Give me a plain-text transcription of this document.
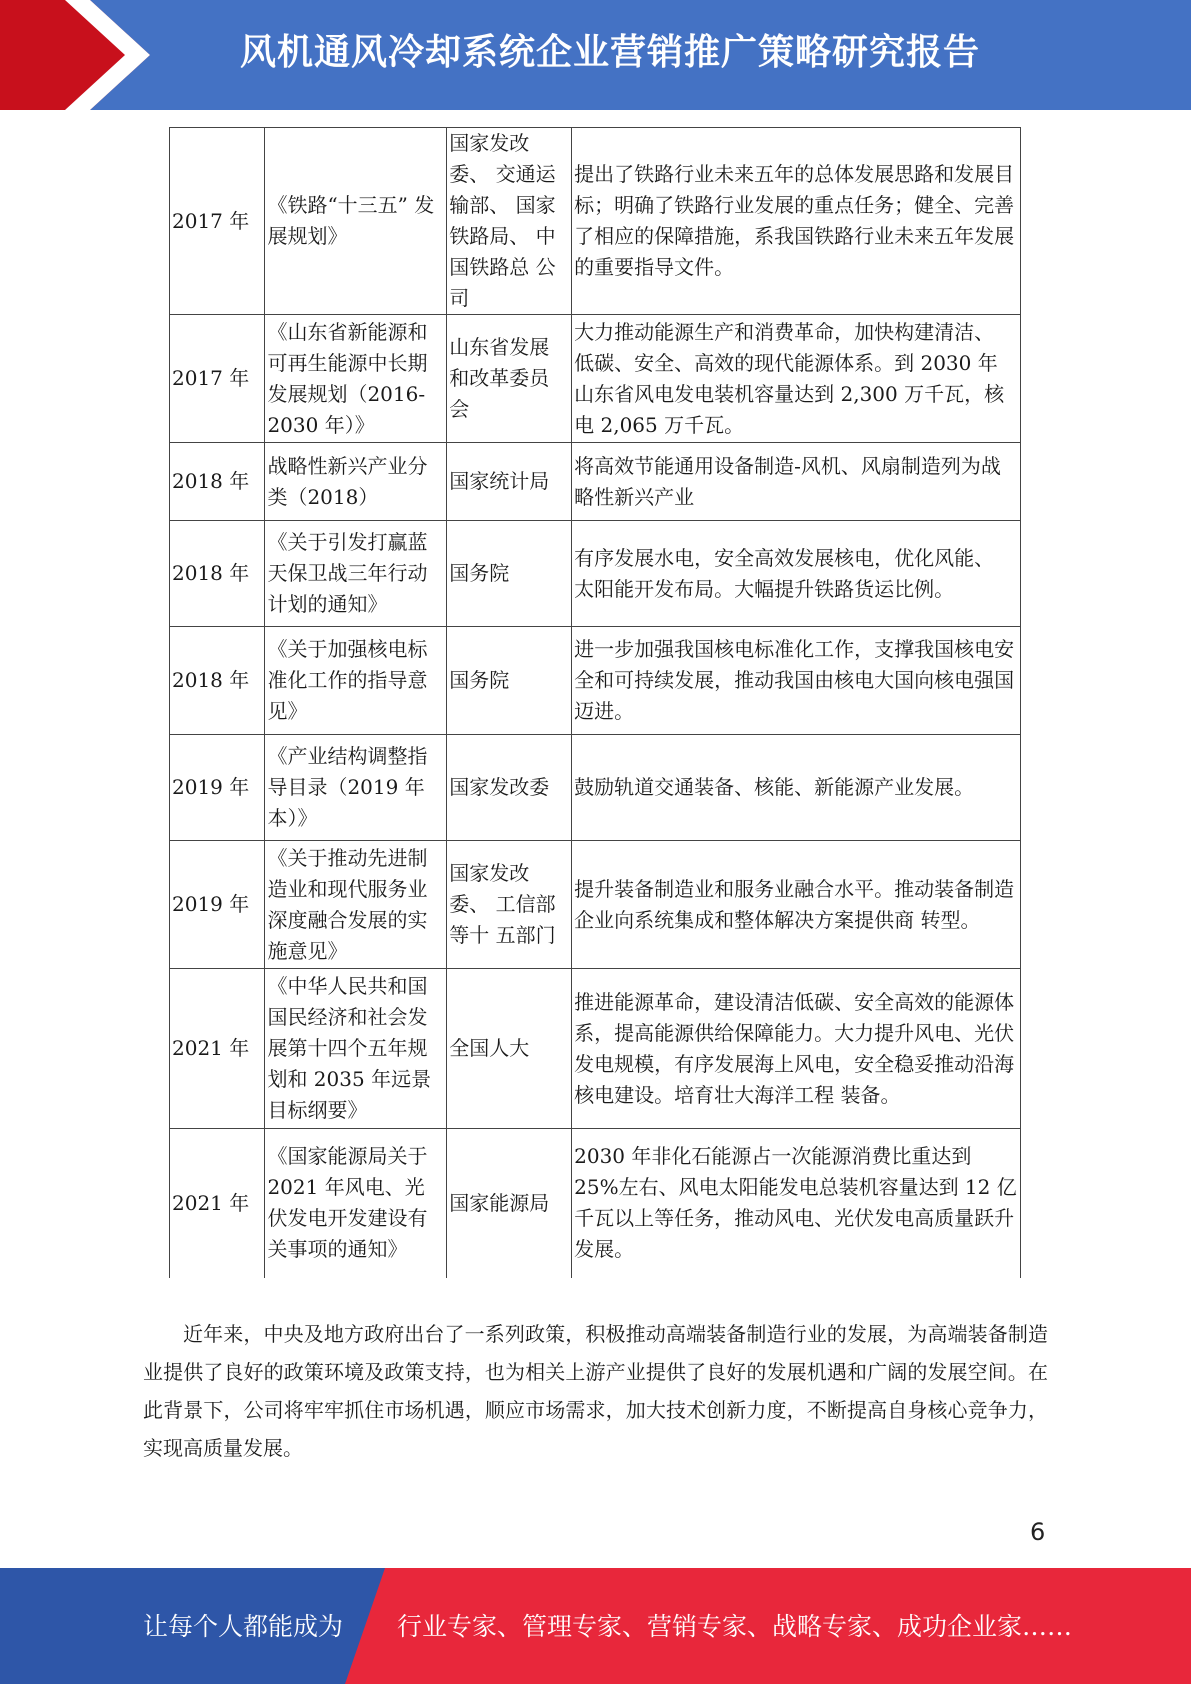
风机通风冷却系统企业营销推广策略研究报告
2017 年	《铁路“十三五” 发展规划》	国家发改委、 交通运输部、 国家铁路局、 中国铁路总 公司	提出了铁路行业未来五年的总体发展思路和发展目标；明确了铁路行业发展的重点任务；健全、完善了相应的保障措施，系我国铁路行业未来五年发展的重要指导文件。
2017 年	《山东省新能源和可再生能源中长期发展规划（2016-2030 年）》	山东省发展和改革委员会	大力推动能源生产和消费革命，加快构建清洁、 低碳、安全、高效的现代能源体系。到 2030 年 山东省风电发电装机容量达到 2,300 万千瓦，核 电 2,065 万千瓦。
2018 年	战略性新兴产业分类（2018）	国家统计局	将高效节能通用设备制造-风机、风扇制造列为战略性新兴产业
2018 年	《关于引发打赢蓝天保卫战三年行动计划的通知》	国务院	有序发展水电，安全高效发展核电，优化风能、 太阳能开发布局。大幅提升铁路货运比例。
2018 年	《关于加强核电标准化工作的指导意见》	国务院	进一步加强我国核电标准化工作，支撑我国核电安全和可持续发展，推动我国由核电大国向核电强国迈进。
2019 年	《产业结构调整指导目录（2019 年本）》	国家发改委	鼓励轨道交通装备、核能、新能源产业发展。
2019 年	《关于推动先进制造业和现代服务业深度融合发展的实施意见》	国家发改委、 工信部等十 五部门	提升装备制造业和服务业融合水平。推动装备制造企业向系统集成和整体解决方案提供商 转型。
2021 年	《中华人民共和国国民经济和社会发展第十四个五年规划和 2035 年远景目标纲要》	全国人大	推进能源革命，建设清洁低碳、安全高效的能源体系，提高能源供给保障能力。大力提升风电、光伏发电规模，有序发展海上风电，安全稳妥推动沿海核电建设。培育壮大海洋工程 装备。
2021 年	《国家能源局关于 2021 年风电、光伏发电开发建设有关事项的通知》	国家能源局	2030 年非化石能源占一次能源消费比重达到 25%左右、风电太阳能发电总装机容量达到 12 亿千瓦以上等任务，推动风电、光伏发电高质量跃升发展。

近年来，中央及地方政府出台了一系列政策，积极推动高端装备制造行业的发展，为高端装备制造业提供了良好的政策环境及政策支持，也为相关上游产业提供了良好的发展机遇和广阔的发展空间。在此背景下，公司将牢牢抓住市场机遇，顺应市场需求，加大技术创新力度，不断提高自身核心竞争力，实现高质量发展。

6
让每个人都能成为 行业专家、管理专家、营销专家、战略专家、成功企业家……
